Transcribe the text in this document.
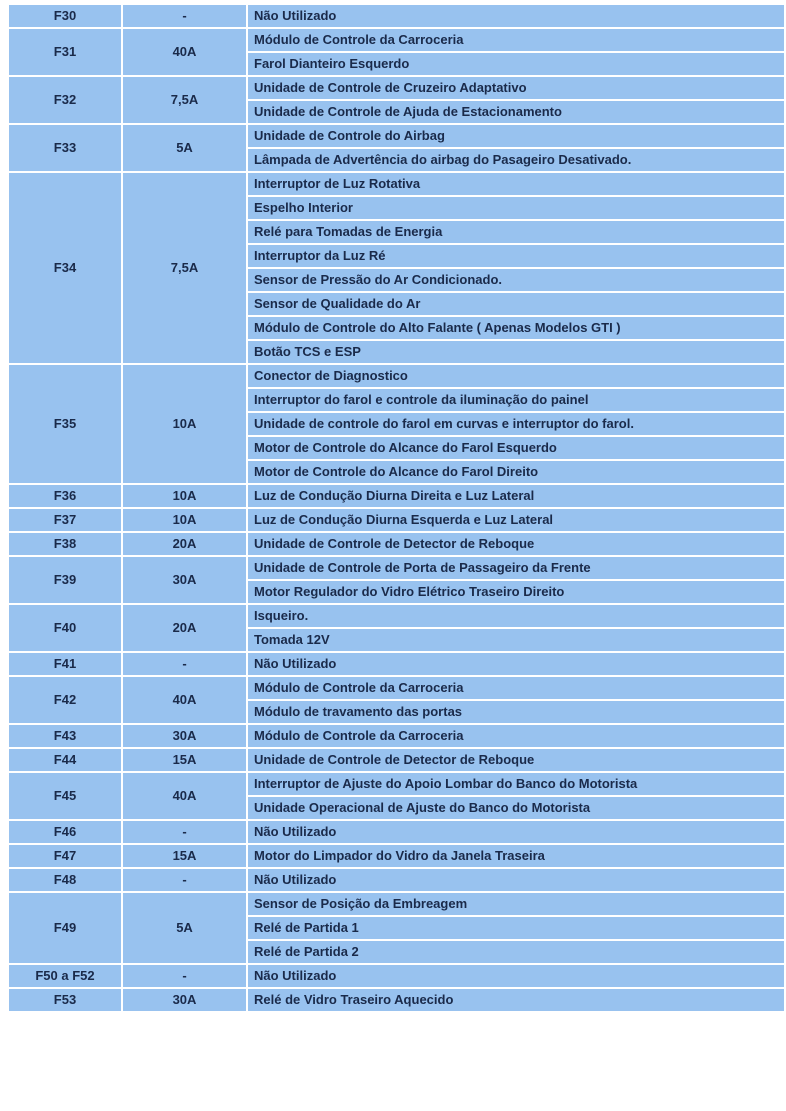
F30	-	Não Utilizado
F31	40A	Módulo de Controle da Carroceria
		Farol Dianteiro Esquerdo
F32	7,5A	Unidade de Controle de Cruzeiro Adaptativo
		Unidade de Controle de Ajuda de Estacionamento
F33	5A	Unidade de Controle do Airbag
		Lâmpada de Advertência do airbag do Pasageiro Desativado.
F34	7,5A	Interruptor de Luz Rotativa
		Espelho Interior
		Relé para Tomadas de Energia
		Interruptor da Luz Ré
		Sensor de Pressão do Ar Condicionado.
		Sensor de Qualidade do Ar
		Módulo de Controle do Alto Falante ( Apenas Modelos GTI )
		Botão TCS e ESP
F35	10A	Conector de Diagnostico
		Interruptor do farol e controle da iluminação do painel
		Unidade de controle do farol em curvas e interruptor do farol.
		Motor de Controle do Alcance do Farol Esquerdo
		Motor de Controle do Alcance do Farol Direito
F36	10A	Luz de Condução Diurna Direita e Luz Lateral
F37	10A	Luz de Condução Diurna Esquerda e Luz Lateral
F38	20A	Unidade de Controle de Detector de Reboque
F39	30A	Unidade de Controle de Porta de Passageiro da Frente
		Motor Regulador do Vidro Elétrico Traseiro Direito
F40	20A	Isqueiro.
		Tomada 12V
F41	-	Não Utilizado
F42	40A	Módulo de Controle da Carroceria
		Módulo de travamento das portas
F43	30A	Módulo de Controle da Carroceria
F44	15A	Unidade de Controle de Detector de Reboque
F45	40A	Interruptor de Ajuste do Apoio Lombar do Banco do Motorista
		Unidade Operacional de Ajuste do Banco do Motorista
F46	-	Não Utilizado
F47	15A	Motor do Limpador do Vidro da Janela Traseira
F48	-	Não Utilizado
F49	5A	Sensor de Posição da Embreagem
		Relé de Partida 1
		Relé de Partida 2
F50 a F52	-	Não Utilizado
F53	30A	Relé de Vidro Traseiro Aquecido
